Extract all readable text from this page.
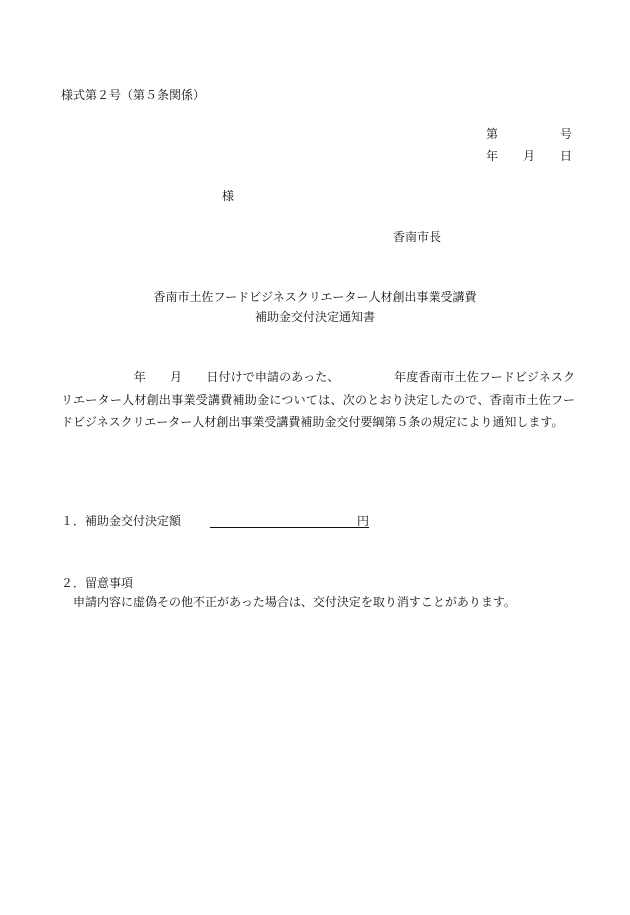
様式第２号（第５条関係）
第	号
年 月 日
様
香南市長
香南市土佐フードビジネスクリエーター人材創出事業受講費
補助金交付決定通知書

　　　　　　年　　月　　日付けで申請のあった、　　　　　年度香南市土佐フードビジネスクリエーター人材創出事業受講費補助金については、次のとおり決定したので、香南市土佐フードビジネスクリエーター人材創出事業受講費補助金交付要綱第５条の規定により通知します。

１．補助金交付決定額	円
２．留意事項
申請内容に虚偽その他不正があった場合は、交付決定を取り消すことがあります。
